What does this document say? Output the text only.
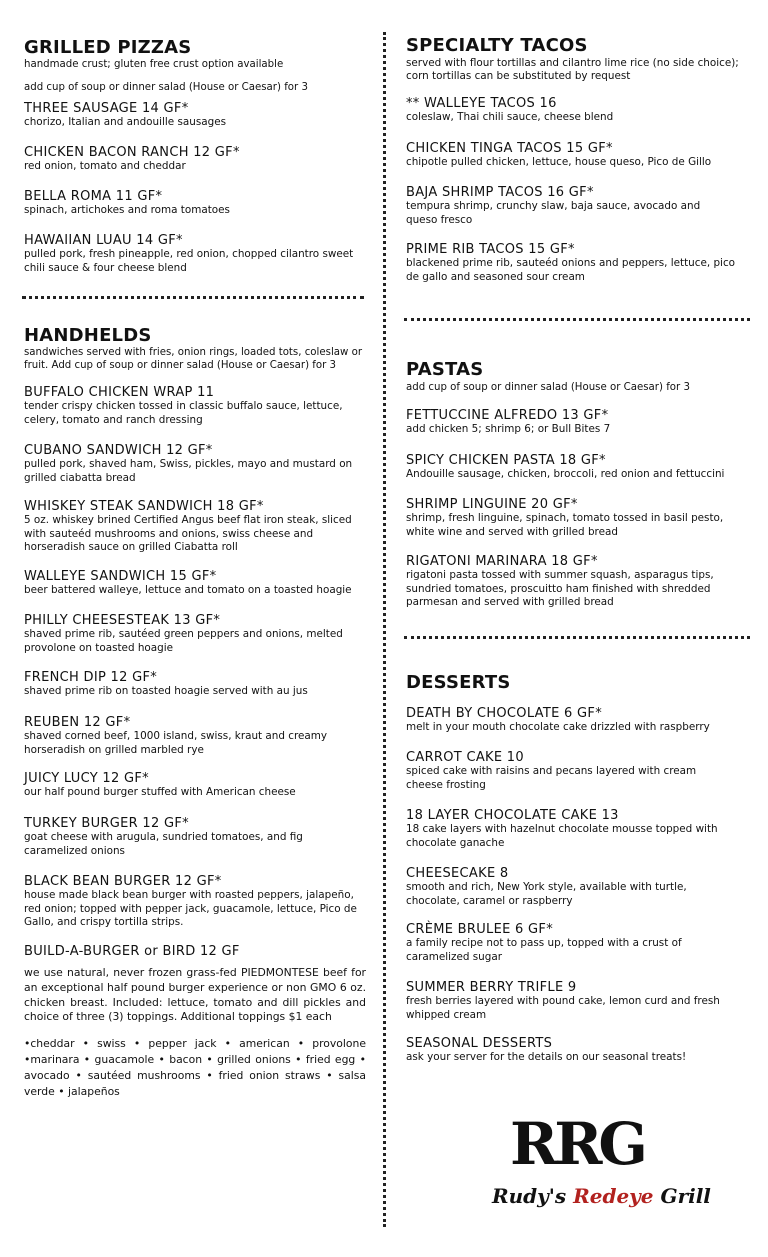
GRILLED PIZZAS
handmade crust; gluten free crust option available
add cup of soup or dinner salad (House or Caesar) for 3
THREE SAUSAGE 14 GF*
chorizo, Italian and andouille sausages
CHICKEN BACON RANCH 12 GF*
red onion, tomato and cheddar
BELLA ROMA 11 GF*
spinach, artichokes and roma tomatoes
HAWAIIAN LUAU 14 GF*
pulled pork, fresh pineapple, red onion, chopped cilantro sweet chili sauce & four cheese blend
HANDHELDS
sandwiches served with fries, onion rings, loaded tots, coleslaw or fruit. Add cup of soup or dinner salad (House or Caesar) for 3
BUFFALO CHICKEN WRAP 11
tender crispy chicken tossed in classic buffalo sauce, lettuce, celery, tomato and ranch dressing
CUBANO SANDWICH 12 GF*
pulled pork, shaved ham, Swiss, pickles, mayo and mustard on grilled ciabatta bread
WHISKEY STEAK SANDWICH 18 GF*
5 oz. whiskey brined Certified Angus beef flat iron steak, sliced with sauteéd mushrooms and onions, swiss cheese and horseradish sauce on grilled Ciabatta roll
WALLEYE SANDWICH 15 GF*
beer battered walleye, lettuce and tomato on a toasted hoagie
PHILLY CHEESESTEAK 13 GF*
shaved prime rib, sautéed green peppers and onions, melted provolone on toasted hoagie
FRENCH DIP 12 GF*
shaved prime rib on toasted hoagie served with au jus
REUBEN 12 GF*
shaved corned beef, 1000 island, swiss, kraut and creamy horseradish on grilled marbled rye
JUICY LUCY 12 GF*
our half pound burger stuffed with American cheese
TURKEY BURGER 12 GF*
goat cheese with arugula, sundried tomatoes, and fig caramelized onions
BLACK BEAN BURGER 12 GF*
house made black bean burger with roasted peppers, jalapeño, red onion; topped with pepper jack, guacamole, lettuce, Pico de Gallo, and crispy tortilla strips.
BUILD-A-BURGER or BIRD 12 GF
we use natural, never frozen grass-fed PIEDMONTESE beef for an exceptional half pound burger experience or non GMO 6 oz. chicken breast. Included: lettuce, tomato and dill pickles and choice of three (3) toppings. Additional toppings $1 each
•cheddar • swiss • pepper jack • american • provolone •marinara • guacamole • bacon • grilled onions • fried egg • avocado • sautéed mushrooms • fried onion straws • salsa verde • jalapeños
SPECIALTY TACOS
served with flour tortillas and cilantro lime rice (no side choice); corn tortillas can be substituted by request
** WALLEYE TACOS 16
coleslaw, Thai chili sauce, cheese blend
CHICKEN TINGA TACOS 15 GF*
chipotle pulled chicken, lettuce, house queso, Pico de Gillo
BAJA SHRIMP TACOS 16 GF*
tempura shrimp, crunchy slaw, baja sauce, avocado and queso fresco
PRIME RIB TACOS 15 GF*
blackened prime rib, sauteéd onions and peppers, lettuce, pico de gallo and seasoned sour cream
PASTAS
add cup of soup or dinner salad (House or Caesar) for 3
FETTUCCINE ALFREDO 13 GF*
add chicken 5; shrimp 6; or Bull Bites 7
SPICY CHICKEN PASTA 18 GF*
Andouille sausage, chicken, broccoli, red onion and fettuccini
SHRIMP LINGUINE 20 GF*
shrimp, fresh linguine, spinach, tomato tossed in basil pesto, white wine and served with grilled bread
RIGATONI MARINARA 18 GF*
rigatoni pasta tossed with summer squash, asparagus tips, sundried tomatoes, proscuitto ham finished with shredded parmesan and served with grilled bread
DESSERTS
DEATH BY CHOCOLATE 6 GF*
melt in your mouth chocolate cake drizzled with raspberry
CARROT CAKE 10
spiced cake with raisins and pecans layered with cream cheese frosting
18 LAYER CHOCOLATE CAKE 13
18 cake layers with hazelnut chocolate mousse topped with chocolate ganache
CHEESECAKE 8
smooth and rich, New York style, available with turtle, chocolate, caramel or raspberry
CRÈME BRULEE 6 GF*
a family recipe not to pass up, topped with a crust of caramelized sugar
SUMMER BERRY TRIFLE 9
fresh berries layered with pound cake, lemon curd and fresh whipped cream
SEASONAL DESSERTS
ask your server for the details on our seasonal treats!
RRG
Rudy's Redeye Grill
